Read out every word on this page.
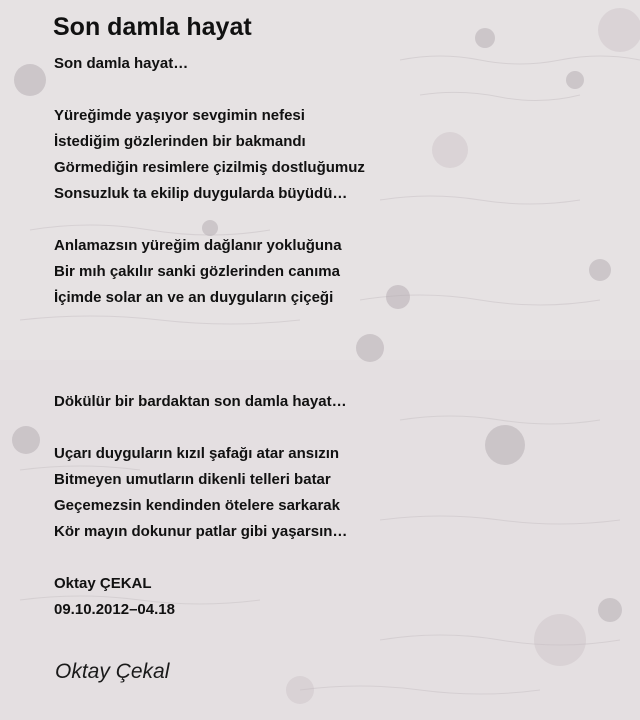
Son damla hayat
Son damla hayat…
Yüreğimde yaşıyor sevgimin nefesi
İstediğim gözlerinden bir bakmandı
Görmediğin resimlere çizilmiş dostluğumuz
Sonsuzluk ta ekilip duygularda büyüdü…
Anlamazsın yüreğim dağlanır yokluğuna
Bir mıh çakılır sanki gözlerinden canıma
İçimde solar an ve an duyguların çiçeği
Dökülür bir bardaktan son damla hayat…
Uçarı duyguların kızıl şafağı atar ansızın
Bitmeyen umutların dikenli telleri batar
Geçemezsin kendinden ötelere sarkarak
Kör mayın dokunur patlar gibi yaşarsın…
Oktay ÇEKAL
09.10.2012–04.18
Oktay Çekal
